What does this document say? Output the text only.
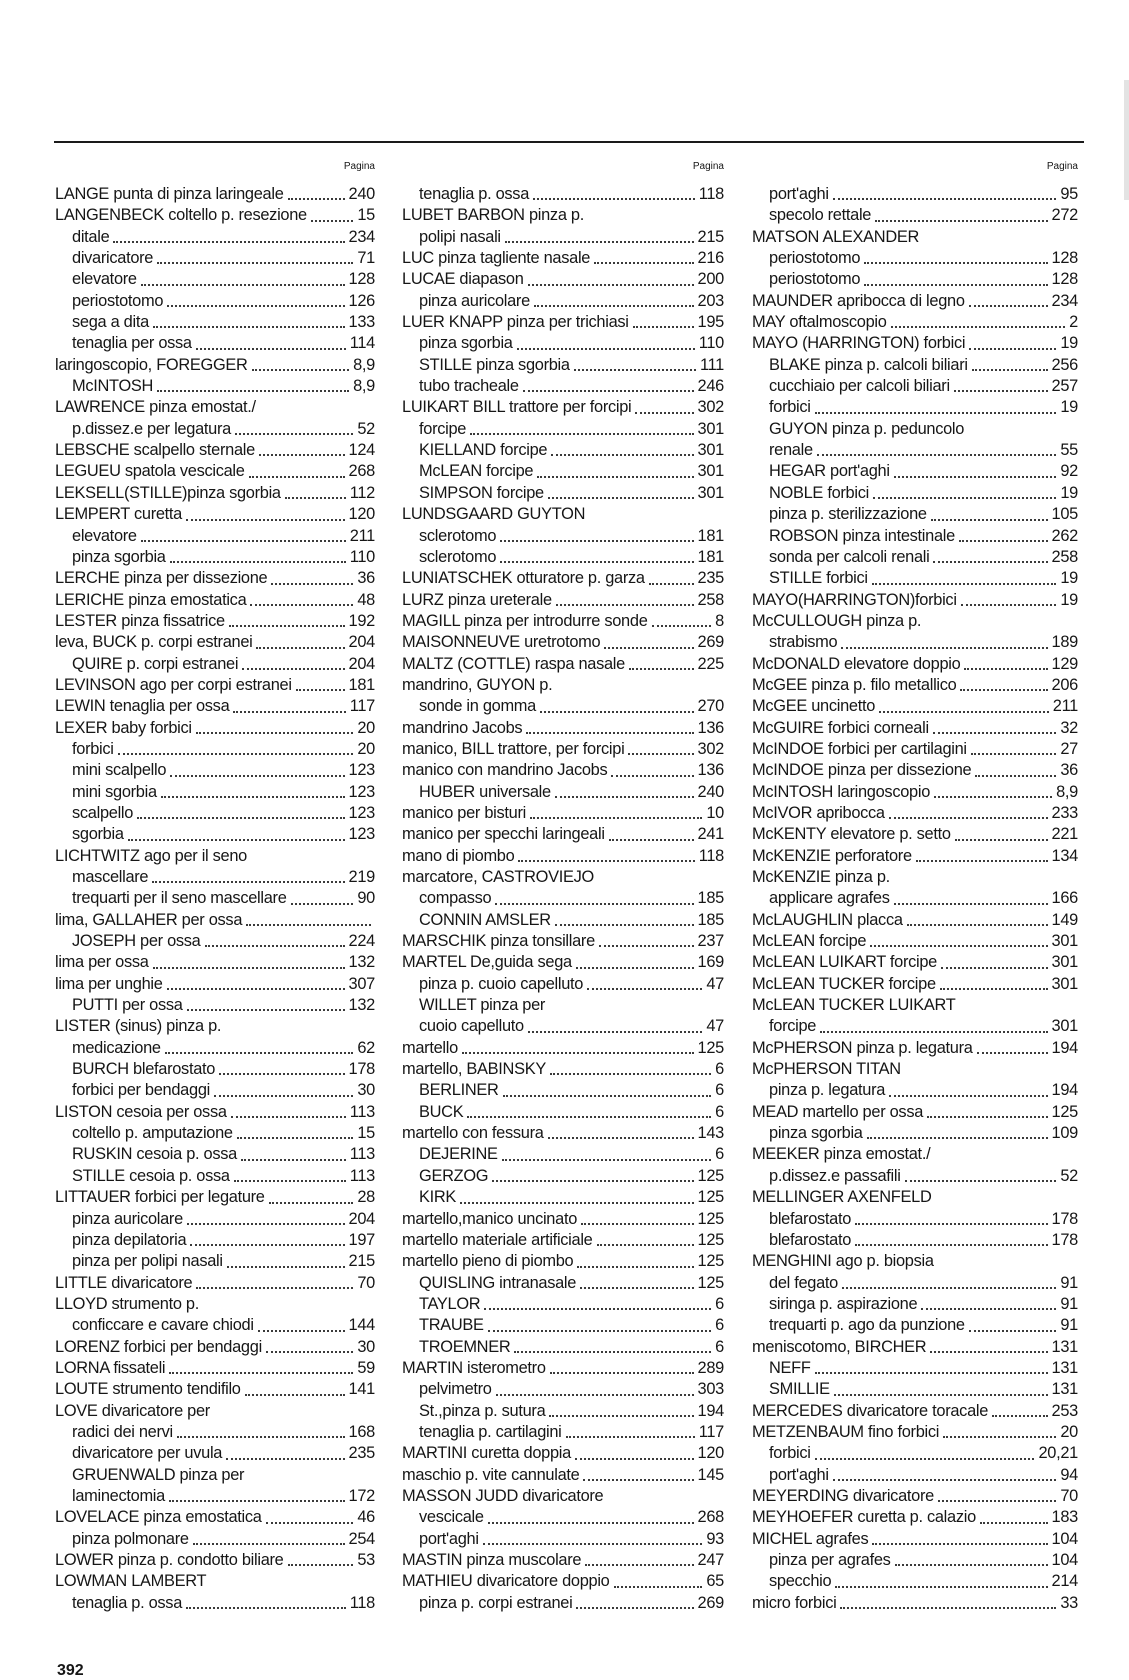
Pagina
LANGE punta di pinza laringeale	240
LANGENBECK coltello p. resezione	15
ditale	234
divaricatore	71
elevatore	128
periostotomo	126
sega a dita	133
tenaglia per ossa	114
laringoscopio, FOREGGER	8,9
McINTOSH	8,9
LAWRENCE pinza emostat./
p.dissez.e per legatura	52
LEBSCHE scalpello sternale	124
LEGUEU spatola vescicale	268
LEKSELL(STILLE)pinza sgorbia	112
LEMPERT curetta	120
elevatore	211
pinza sgorbia	110
LERCHE pinza per dissezione	36
LERICHE pinza emostatica	48
LESTER pinza fissatrice	192
leva, BUCK p. corpi estranei	204
QUIRE p. corpi estranei	204
LEVINSON ago per corpi estranei	181
LEWIN tenaglia per ossa	117
LEXER baby forbici	20
forbici	20
mini scalpello	123
mini sgorbia	123
scalpello	123
sgorbia	123
LICHTWITZ ago per il seno
mascellare	219
trequarti per il seno mascellare	90
lima, GALLAHER per ossa
JOSEPH per ossa	224
lima per ossa	132
lima per unghie	307
PUTTI per ossa	132
LISTER (sinus) pinza p.
medicazione	62
BURCH blefarostato	178
forbici per bendaggi	30
LISTON cesoia per ossa	113
coltello p. amputazione	15
RUSKIN cesoia p. ossa	113
STILLE cesoia p. ossa	113
LITTAUER forbici per legature	28
pinza auricolare	204
pinza depilatoria	197
pinza per polipi nasali	215
LITTLE divaricatore	70
LLOYD strumento p.
conficcare e cavare chiodi	144
LORENZ forbici per bendaggi	30
LORNA fissateli	59
LOUTE strumento tendifilo	141
LOVE divaricatore per
radici dei nervi	168
divaricatore per uvula	235
GRUENWALD pinza per
laminectomia	172
LOVELACE pinza emostatica	46
pinza polmonare	254
LOWER pinza p. condotto biliare	53
LOWMAN LAMBERT
tenaglia p. ossa	118
Pagina
tenaglia p. ossa	118
LUBET BARBON pinza p.
polipi nasali	215
LUC pinza tagliente nasale	216
LUCAE diapason	200
pinza auricolare	203
LUER KNAPP pinza per trichiasi	195
pinza sgorbia	110
STILLE pinza sgorbia	111
tubo tracheale	246
LUIKART BILL trattore per forcipi	302
forcipe	301
KIELLAND forcipe	301
McLEAN forcipe	301
SIMPSON forcipe	301
LUNDSGAARD GUYTON
sclerotomo	181
sclerotomo	181
LUNIATSCHEK otturatore p. garza	235
LURZ pinza ureterale	258
MAGILL pinza per introdurre sonde	8
MAISONNEUVE uretrotomo	269
MALTZ (COTTLE) raspa nasale	225
mandrino, GUYON p.
sonde in gomma	270
mandrino Jacobs	136
manico, BILL trattore, per forcipi	302
manico con mandrino Jacobs	136
HUBER universale	240
manico per bisturi	10
manico per specchi laringeali	241
mano di piombo	118
marcatore, CASTROVIEJO
compasso	185
CONNIN AMSLER	185
MARSCHIK pinza tonsillare	237
MARTEL De,guida sega	169
pinza p. cuoio capelluto	47
WILLET pinza per
cuoio capelluto	47
martello	125
martello, BABINSKY	6
BERLINER	6
BUCK	6
martello con fessura	143
DEJERINE	6
GERZOG	125
KIRK	125
martello,manico uncinato	125
martello materiale artificiale	125
martello pieno di piombo	125
QUISLING intranasale	125
TAYLOR	6
TRAUBE	6
TROEMNER	6
MARTIN isterometro	289
pelvimetro	303
St.,pinza p. sutura	194
tenaglia p. cartilagini	117
MARTINI curetta doppia	120
maschio p. vite cannulate	145
MASSON JUDD divaricatore
vescicale	268
port'aghi	93
MASTIN pinza muscolare	247
MATHIEU divaricatore doppio	65
pinza p. corpi estranei	269
Pagina
port'aghi	95
specolo rettale	272
MATSON ALEXANDER
periostotomo	128
periostotomo	128
MAUNDER apribocca di legno	234
MAY oftalmoscopio	2
MAYO (HARRINGTON) forbici	19
BLAKE pinza p. calcoli biliari	256
cucchiaio per calcoli biliari	257
forbici	19
GUYON pinza p. peduncolo
renale	55
HEGAR port'aghi	92
NOBLE forbici	19
pinza p. sterilizzazione	105
ROBSON pinza intestinale	262
sonda per calcoli renali	258
STILLE forbici	19
MAYO(HARRINGTON)forbici	19
McCULLOUGH pinza p.
strabismo	189
McDONALD elevatore doppio	129
McGEE pinza p. filo metallico	206
McGEE uncinetto	211
McGUIRE forbici corneali	32
McINDOE forbici per cartilagini	27
McINDOE pinza per dissezione	36
McINTOSH laringoscopio	8,9
McIVOR apribocca	233
McKENTY elevatore p. setto	221
McKENZIE perforatore	134
McKENZIE pinza p.
applicare agrafes	166
McLAUGHLIN placca	149
McLEAN forcipe	301
McLEAN LUIKART forcipe	301
McLEAN TUCKER forcipe	301
McLEAN TUCKER LUIKART
forcipe	301
McPHERSON pinza p. legatura	194
McPHERSON TITAN
pinza p. legatura	194
MEAD martello per ossa	125
pinza sgorbia	109
MEEKER pinza emostat./
p.dissez.e passafili	52
MELLINGER AXENFELD
blefarostato	178
blefarostato	178
MENGHINI ago p. biopsia
del fegato	91
siringa p. aspirazione	91
trequarti p. ago da punzione	91
meniscotomo, BIRCHER	131
NEFF	131
SMILLIE	131
MERCEDES divaricatore toracale	253
METZENBAUM fino forbici	20
forbici	20,21
port'aghi	94
MEYERDING divaricatore	70
MEYHOEFER curetta p. calazio	183
MICHEL agrafes	104
pinza per agrafes	104
specchio	214
micro forbici	33
392
